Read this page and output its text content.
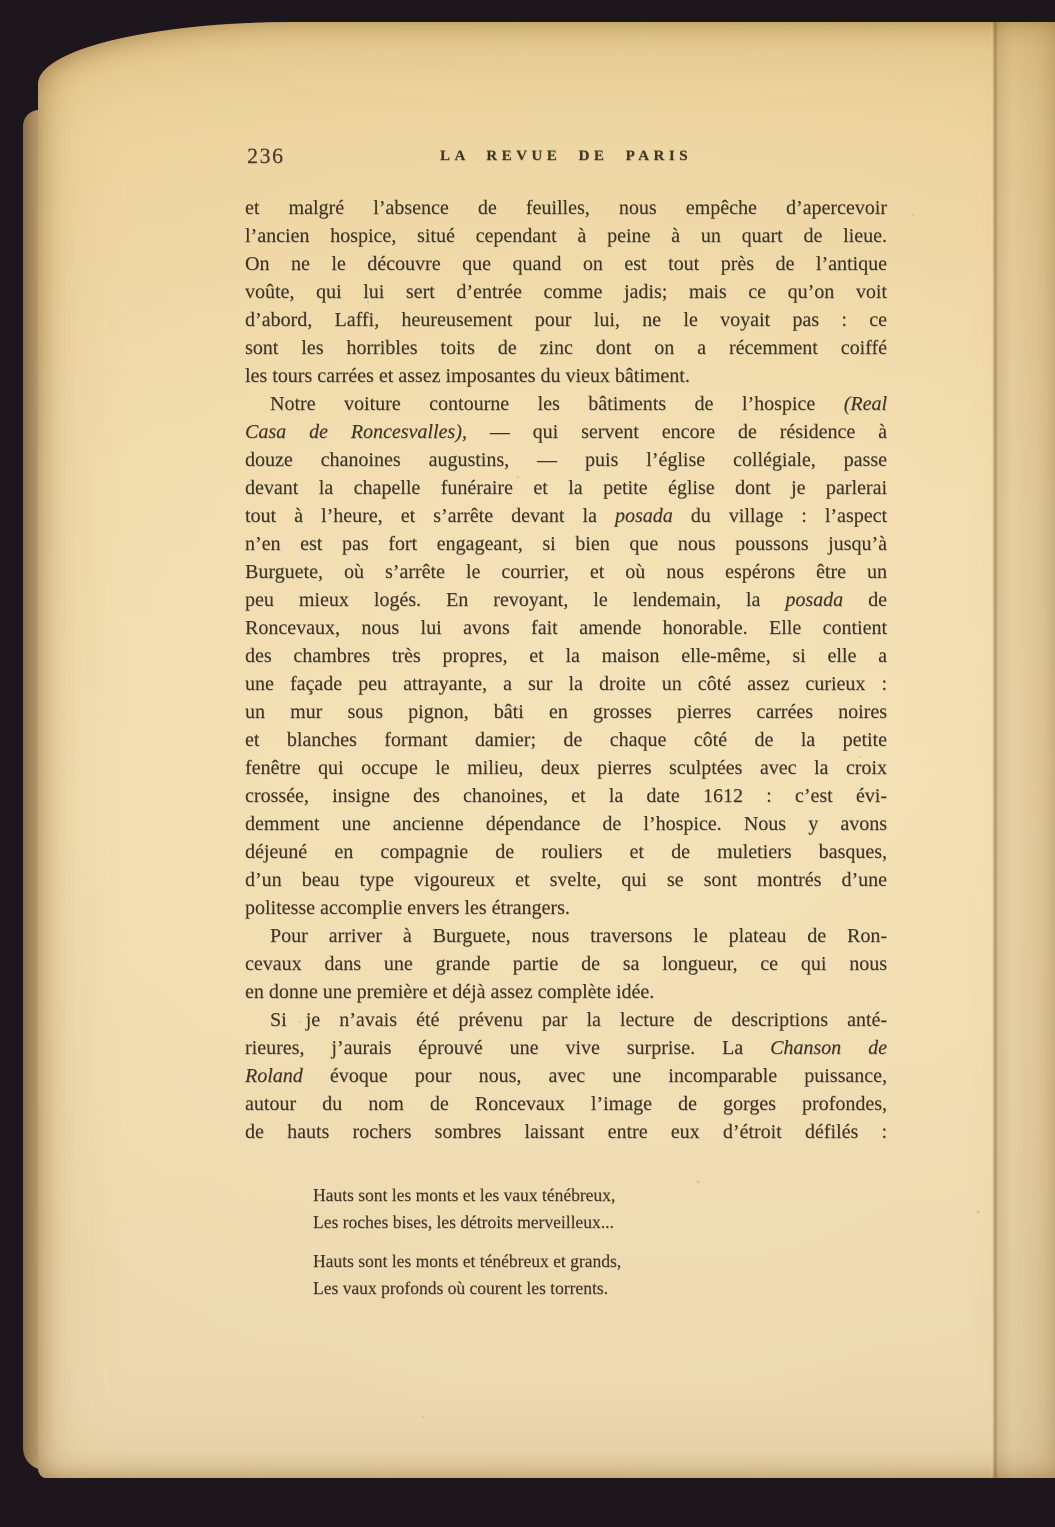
236	LA REVUE DE PARIS
et malgré l’absence de feuilles, nous empêche d’apercevoir
l’ancien hospice, situé cependant à peine à un quart de lieue.
On ne le découvre que quand on est tout près de l’antique
voûte, qui lui sert d’entrée comme jadis; mais ce qu’on voit
d’abord, Laffi, heureusement pour lui, ne le voyait pas : ce
sont les horribles toits de zinc dont on a récemment coiffé
les tours carrées et assez imposantes du vieux bâtiment.
Notre voiture contourne les bâtiments de l’hospice (Real
Casa de Roncesvalles), — qui servent encore de résidence à
douze chanoines augustins, — puis l’église collégiale, passe
devant la chapelle funéraire et la petite église dont je parlerai
tout à l’heure, et s’arrête devant la posada du village : l’aspect
n’en est pas fort engageant, si bien que nous poussons jusqu’à
Burguete, où s’arrête le courrier, et où nous espérons être un
peu mieux logés. En revoyant, le lendemain, la posada de
Roncevaux, nous lui avons fait amende honorable. Elle contient
des chambres très propres, et la maison elle-même, si elle a
une façade peu attrayante, a sur la droite un côté assez curieux :
un mur sous pignon, bâti en grosses pierres carrées noires
et blanches formant damier; de chaque côté de la petite
fenêtre qui occupe le milieu, deux pierres sculptées avec la croix
crossée, insigne des chanoines, et la date 1612 : c’est évi-
demment une ancienne dépendance de l’hospice. Nous y avons
déjeuné en compagnie de rouliers et de muletiers basques,
d’un beau type vigoureux et svelte, qui se sont montrés d’une
politesse accomplie envers les étrangers.
Pour arriver à Burguete, nous traversons le plateau de Ron-
cevaux dans une grande partie de sa longueur, ce qui nous
en donne une première et déjà assez complète idée.
Si je n’avais été prévenu par la lecture de descriptions anté-
rieures, j’aurais éprouvé une vive surprise. La Chanson de
Roland évoque pour nous, avec une incomparable puissance,
autour du nom de Roncevaux l’image de gorges profondes,
de hauts rochers sombres laissant entre eux d’étroit défilés :
Hauts sont les monts et les vaux ténébreux,
Les roches bises, les détroits merveilleux...
Hauts sont les monts et ténébreux et grands,
Les vaux profonds où courent les torrents.
